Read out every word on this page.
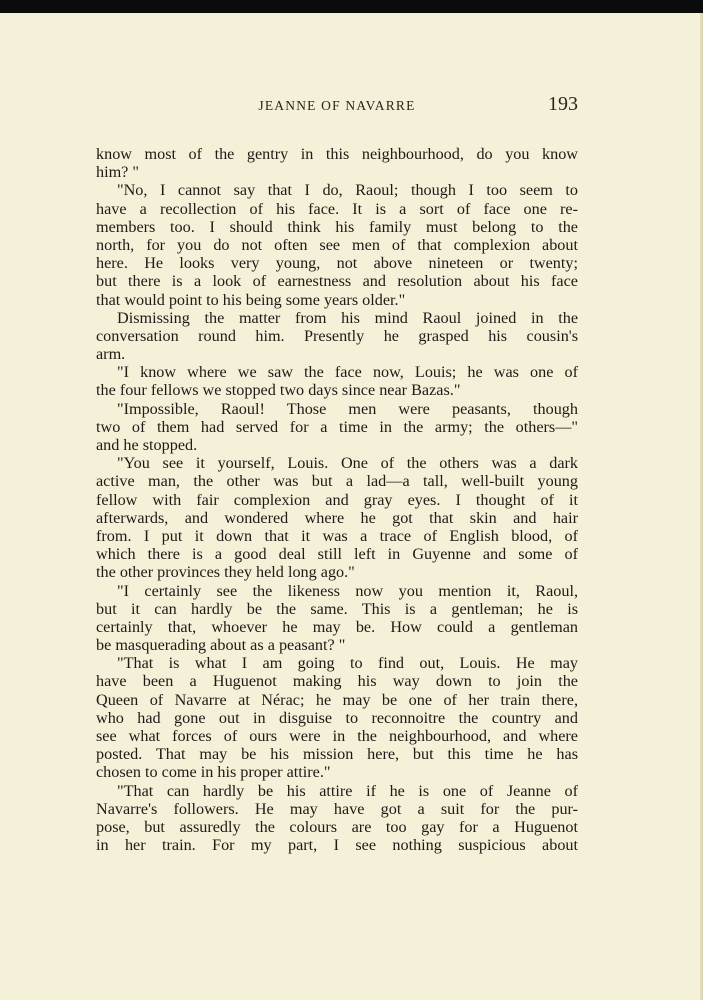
JEANNE OF NAVARRE	193
know most of the gentry in this neighbourhood, do you know
him? "
"No, I cannot say that I do, Raoul; though I too seem to
have a recollection of his face. It is a sort of face one re-
members too. I should think his family must belong to the
north, for you do not often see men of that complexion about
here. He looks very young, not above nineteen or twenty;
but there is a look of earnestness and resolution about his face
that would point to his being some years older."
Dismissing the matter from his mind Raoul joined in the
conversation round him. Presently he grasped his cousin's
arm.
"I know where we saw the face now, Louis; he was one of
the four fellows we stopped two days since near Bazas."
"Impossible, Raoul! Those men were peasants, though
two of them had served for a time in the army; the others—"
and he stopped.
"You see it yourself, Louis. One of the others was a dark
active man, the other was but a lad—a tall, well-built young
fellow with fair complexion and gray eyes. I thought of it
afterwards, and wondered where he got that skin and hair
from. I put it down that it was a trace of English blood, of
which there is a good deal still left in Guyenne and some of
the other provinces they held long ago."
"I certainly see the likeness now you mention it, Raoul,
but it can hardly be the same. This is a gentleman; he is
certainly that, whoever he may be. How could a gentleman
be masquerading about as a peasant? "
"That is what I am going to find out, Louis. He may
have been a Huguenot making his way down to join the
Queen of Navarre at Nérac; he may be one of her train there,
who had gone out in disguise to reconnoitre the country and
see what forces of ours were in the neighbourhood, and where
posted. That may be his mission here, but this time he has
chosen to come in his proper attire."
"That can hardly be his attire if he is one of Jeanne of
Navarre's followers. He may have got a suit for the pur-
pose, but assuredly the colours are too gay for a Huguenot
in her train. For my part, I see nothing suspicious about
